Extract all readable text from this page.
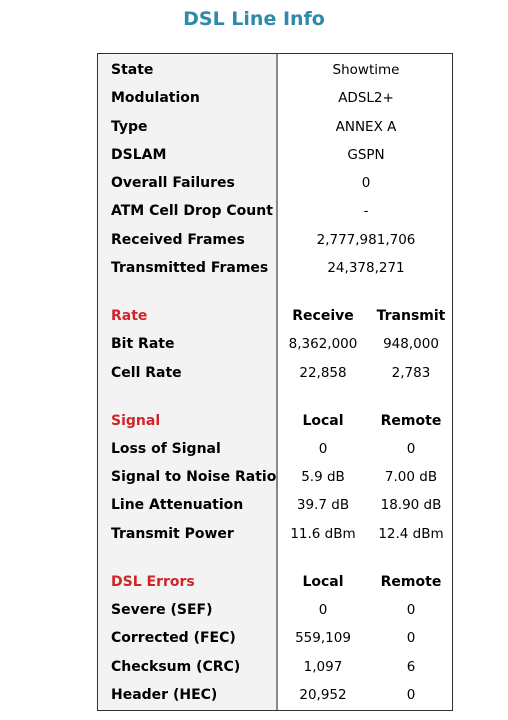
DSL Line Info
State	Showtime
Modulation	ADSL2+
Type	ANNEX A
DSLAM	GSPN
Overall Failures	0
ATM Cell Drop Count	-
Received Frames	2,777,981,706
Transmitted Frames	24,378,271
Rate	Receive	Transmit
Bit Rate	8,362,000	948,000
Cell Rate	22,858	2,783
Signal	Local	Remote
Loss of Signal	0	0
Signal to Noise Ratio	5.9 dB	7.00 dB
Line Attenuation	39.7 dB	18.90 dB
Transmit Power	11.6 dBm	12.4 dBm
DSL Errors	Local	Remote
Severe (SEF)	0	0
Corrected (FEC)	559,109	0
Checksum (CRC)	1,097	6
Header (HEC)	20,952	0
